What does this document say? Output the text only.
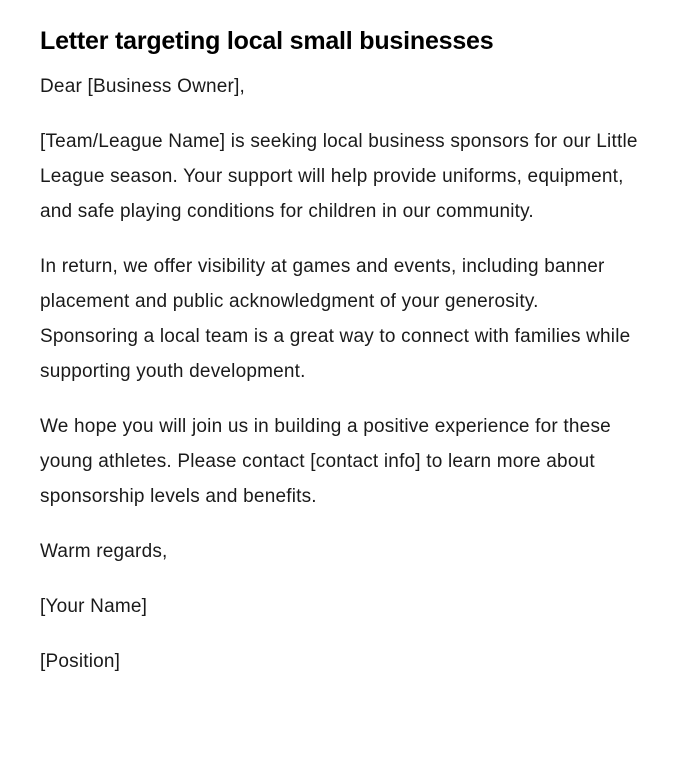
Letter targeting local small businesses

Dear [Business Owner],

[Team/League Name] is seeking local business sponsors for our Little League season. Your support will help provide uniforms, equipment, and safe playing conditions for children in our community.

In return, we offer visibility at games and events, including banner placement and public acknowledgment of your generosity. Sponsoring a local team is a great way to connect with families while supporting youth development.

We hope you will join us in building a positive experience for these young athletes. Please contact [contact info] to learn more about sponsorship levels and benefits.

Warm regards,

[Your Name]

[Position]
